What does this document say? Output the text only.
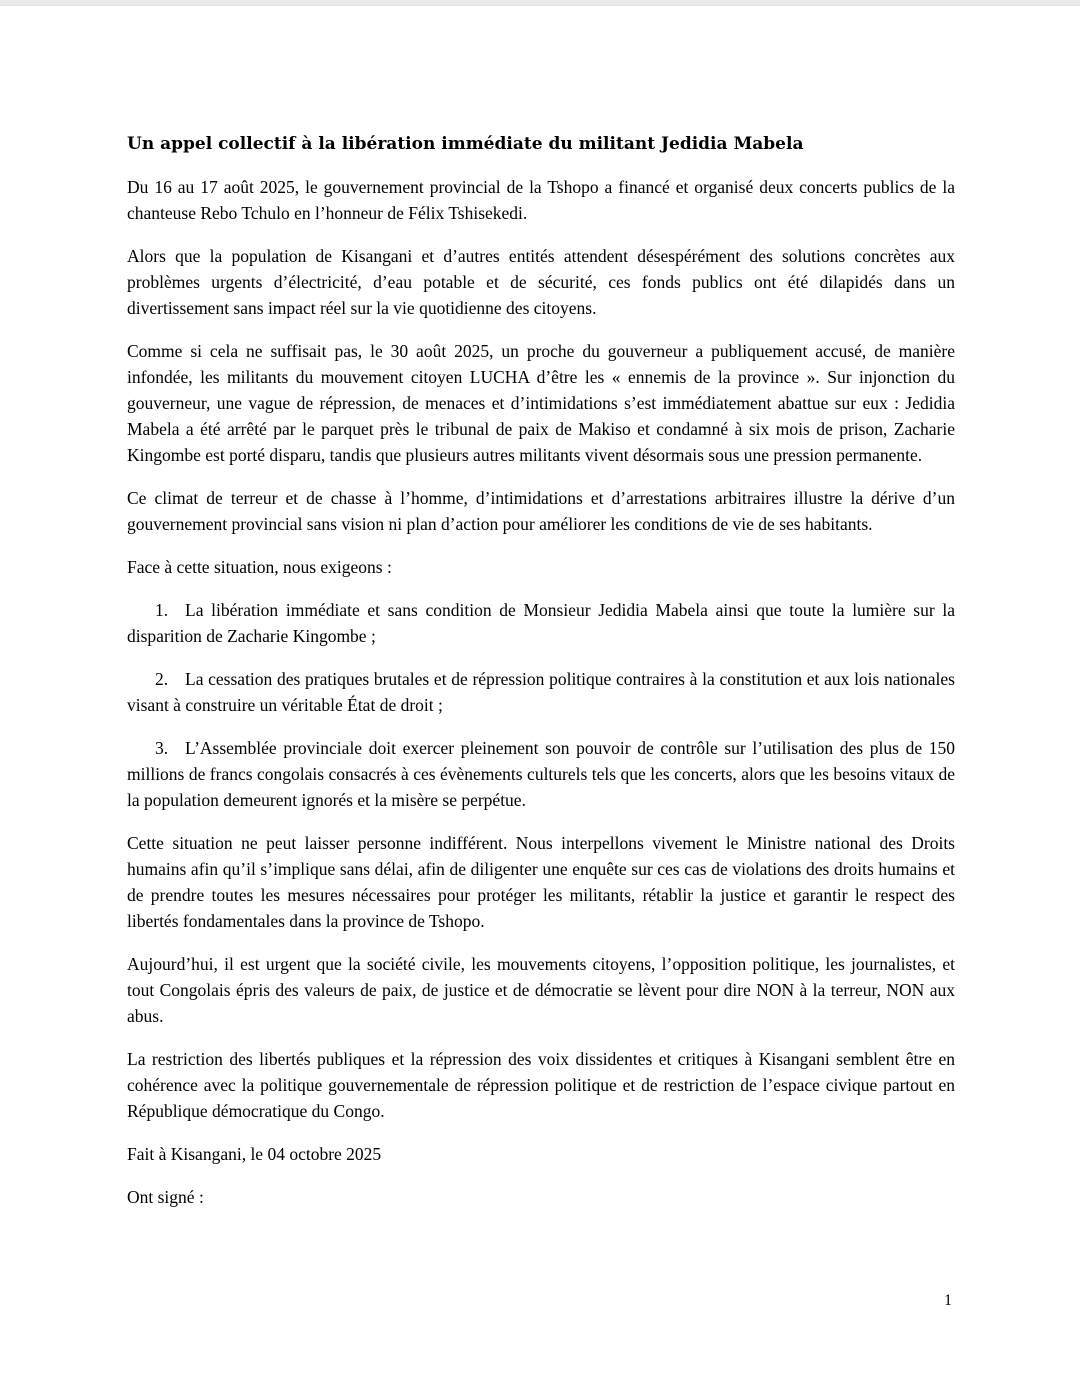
Un appel collectif à la libération immédiate du militant Jedidia Mabela

Du 16 au 17 août 2025, le gouvernement provincial de la Tshopo a financé et organisé deux concerts publics de la chanteuse Rebo Tchulo en l’honneur de Félix Tshisekedi.

Alors que la population de Kisangani et d’autres entités attendent désespérément des solutions concrètes aux problèmes urgents d’électricité, d’eau potable et de sécurité, ces fonds publics ont été dilapidés dans un divertissement sans impact réel sur la vie quotidienne des citoyens.

Comme si cela ne suffisait pas, le 30 août 2025, un proche du gouverneur a publiquement accusé, de manière infondée, les militants du mouvement citoyen LUCHA d’être les « ennemis de la province ». Sur injonction du gouverneur, une vague de répression, de menaces et d’intimidations s’est immédiatement abattue sur eux : Jedidia Mabela a été arrêté par le parquet près le tribunal de paix de Makiso et condamné à six mois de prison, Zacharie Kingombe est porté disparu, tandis que plusieurs autres militants vivent désormais sous une pression permanente.

Ce climat de terreur et de chasse à l’homme, d’intimidations et d’arrestations arbitraires illustre la dérive d’un gouvernement provincial sans vision ni plan d’action pour améliorer les conditions de vie de ses habitants.

Face à cette situation, nous exigeons :

1. La libération immédiate et sans condition de Monsieur Jedidia Mabela ainsi que toute la lumière sur la disparition de Zacharie Kingombe ;

2. La cessation des pratiques brutales et de répression politique contraires à la constitution et aux lois nationales visant à construire un véritable État de droit ;

3. L’Assemblée provinciale doit exercer pleinement son pouvoir de contrôle sur l’utilisation des plus de 150 millions de francs congolais consacrés à ces évènements culturels tels que les concerts, alors que les besoins vitaux de la population demeurent ignorés et la misère se perpétue.

Cette situation ne peut laisser personne indifférent. Nous interpellons vivement le Ministre national des Droits humains afin qu’il s’implique sans délai, afin de diligenter une enquête sur ces cas de violations des droits humains et de prendre toutes les mesures nécessaires pour protéger les militants, rétablir la justice et garantir le respect des libertés fondamentales dans la province de Tshopo.

Aujourd’hui, il est urgent que la société civile, les mouvements citoyens, l’opposition politique, les journalistes, et tout Congolais épris des valeurs de paix, de justice et de démocratie se lèvent pour dire NON à la terreur, NON aux abus.

La restriction des libertés publiques et la répression des voix dissidentes et critiques à Kisangani semblent être en cohérence avec la politique gouvernementale de répression politique et de restriction de l’espace civique partout en République démocratique du Congo.

Fait à Kisangani, le 04 octobre 2025

Ont signé :

1
